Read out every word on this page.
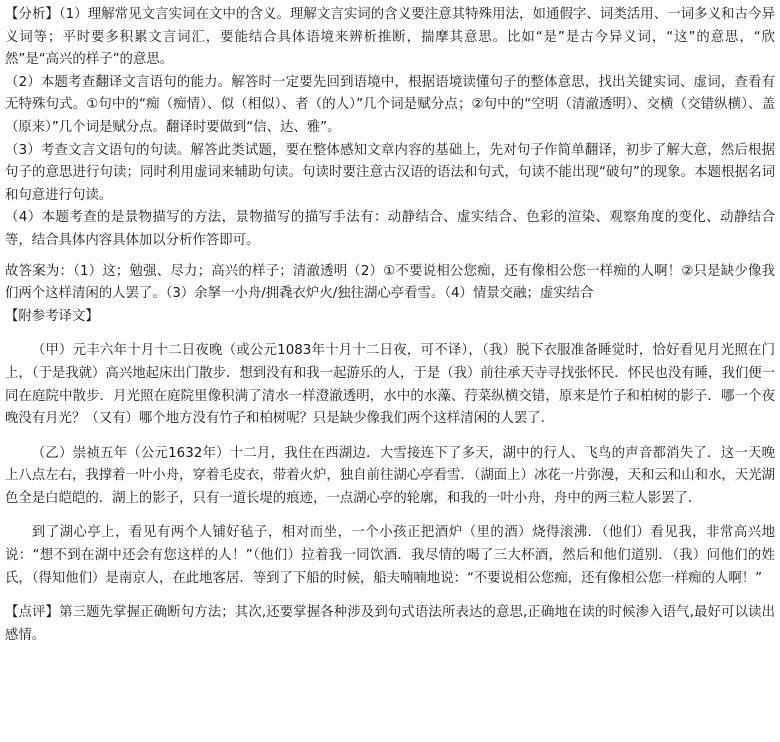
【分析】（1）理解常见文言实词在文中的含义。理解文言实词的含义要注意其特殊用法，如通假字、词类活用、一词多义和古今异义词等；平时要多积累文言词汇，要能结合具体语境来辨析推断，揣摩其意思。比如“是”是古今异义词，“这”的意思，“欣然”是“高兴的样子”的意思。

（2）本题考查翻译文言语句的能力。解答时一定要先回到语境中，根据语境读懂句子的整体意思，找出关键实词、虚词，查看有无特殊句式。①句中的“痴（痴情）、似（相似）、者（的人）”几个词是赋分点；②句中的“空明（清澈透明）、交横（交错纵横）、盖（原来）”几个词是赋分点。翻译时要做到“信、达、雅”。

（3）考查文言文语句的句读。解答此类试题，要在整体感知文章内容的基础上，先对句子作简单翻译，初步了解大意，然后根据句子的意思进行句读；同时利用虚词来辅助句读。句读时要注意古汉语的语法和句式，句读不能出现“破句”的现象。本题根据名词和句意进行句读。

（4）本题考查的是景物描写的方法，景物描写的描写手法有：动静结合、虚实结合、色彩的渲染、观察角度的变化、动静结合等，结合具体内容具体加以分析作答即可。

故答案为：（1）这；勉强、尽力；高兴的样子；清澈透明（2）①不要说相公您痴，还有像相公您一样痴的人啊！②只是缺少像我们两个这样清闲的人罢了。（3）余拏一小舟/拥毳衣炉火/独往湖心亭看雪。（4）情景交融；虚实结合

【附参考译文】

（甲）元丰六年十月十二日夜晚（或公元1083年十月十二日夜，可不译），（我）脱下衣服准备睡觉时，恰好看见月光照在门上，（于是我就）高兴地起床出门散步．想到没有和我一起游乐的人，于是（我）前往承天寺寻找张怀民．怀民也没有睡，我们便一同在庭院中散步．月光照在庭院里像积满了清水一样澄澈透明，水中的水藻、荇菜纵横交错，原来是竹子和柏树的影子．哪一个夜晚没有月光？（又有）哪个地方没有竹子和柏树呢？只是缺少像我们两个这样清闲的人罢了．

（乙）崇祯五年（公元1632年）十二月，我住在西湖边．大雪接连下了多天，湖中的行人、飞鸟的声音都消失了．这一天晚上八点左右，我撑着一叶小舟，穿着毛皮衣，带着火炉，独自前往湖心亭看雪．（湖面上）冰花一片弥漫，天和云和山和水，天光湖色全是白皑皑的．湖上的影子，只有一道长堤的痕迹，一点湖心亭的轮廓，和我的一叶小舟，舟中的两三粒人影罢了．

到了湖心亭上，看见有两个人铺好毡子，相对而坐，一个小孩正把酒炉（里的酒）烧得滚沸．（他们）看见我，非常高兴地说：“想不到在湖中还会有您这样的人！”（他们）拉着我一同饮酒．我尽情的喝了三大杯酒，然后和他们道别．（我）问他们的姓氏，（得知他们）是南京人，在此地客居．等到了下船的时候，船夫喃喃地说：“不要说相公您痴，还有像相公您一样痴的人啊！”

【点评】第三题先掌握正确断句方法；其次,还要掌握各种涉及到句式语法所表达的意思,正确地在读的时候渗入语气,最好可以读出感情。
